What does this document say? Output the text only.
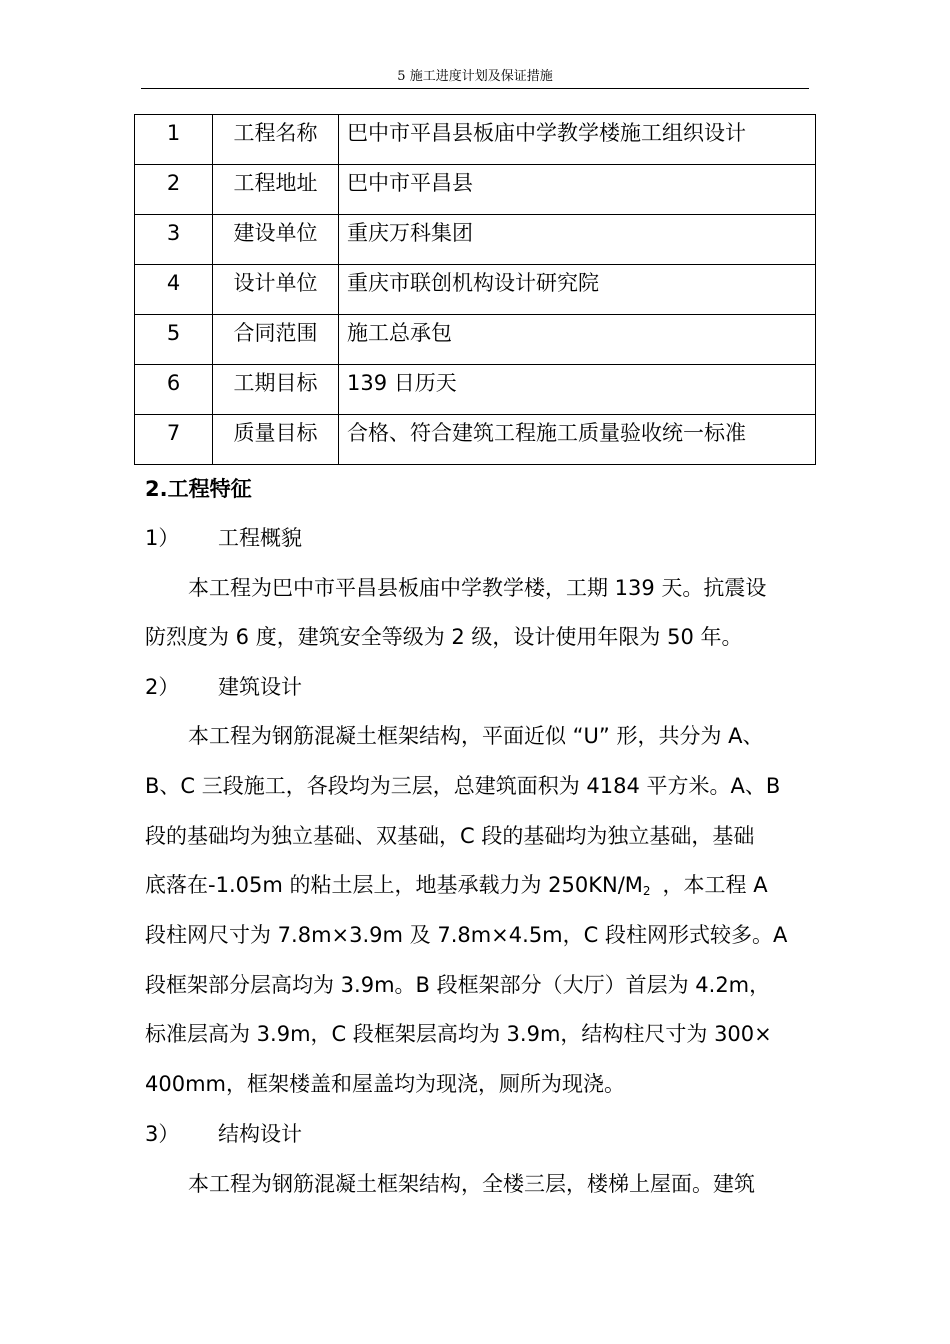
5 施工进度计划及保证措施
1	工程名称	巴中市平昌县板庙中学教学楼施工组织设计
2	工程地址	巴中市平昌县
3	建设单位	重庆万科集团
4	设计单位	重庆市联创机构设计研究院
5	合同范围	施工总承包
6	工期目标	139 日历天
7	质量目标	合格、符合建筑工程施工质量验收统一标准
2.工程特征
1） 工程概貌
本工程为巴中市平昌县板庙中学教学楼，工期 139 天。抗震设
防烈度为 6 度，建筑安全等级为 2 级，设计使用年限为 50 年。
2） 建筑设计
本工程为钢筋混凝土框架结构，平面近似 “U” 形，共分为 A、
B、C 三段施工，各段均为三层，总建筑面积为 4184 平方米。A、B
段的基础均为独立基础、双基础，C 段的基础均为独立基础，基础
底落在-1.05m 的粘土层上，地基承载力为 $250KN/M_2$ ，本工程 A
段柱网尺寸为 7.8m×3.9m 及 7.8m×4.5m，C 段柱网形式较多。A
段框架部分层高均为 3.9m。B 段框架部分（大厅）首层为 4.2m，
标准层高为 3.9m，C 段框架层高均为 3.9m，结构柱尺寸为 300×
400mm，框架楼盖和屋盖均为现浇，厕所为现浇。
3） 结构设计
本工程为钢筋混凝土框架结构，全楼三层，楼梯上屋面。建筑
